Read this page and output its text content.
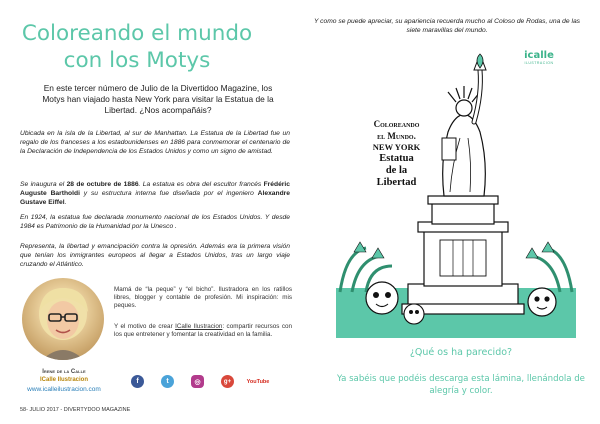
Coloreando el mundo
con los Motys
En este tercer número de Julio de la Divertidoo Magazine, los Motys han viajado hasta New York para visitar la Estatua de la Libertad. ¿Nos acompañáis?

Ubicada en la isla de la Libertad, al sur de Manhattan. La Estatua de la Libertad fue un regalo de los franceses a los estadounidenses en 1886 para conmemorar el centenario de la Declaración de Independencia de los Estados Unidos y como un signo de amistad.

Se inaugura el 28 de octubre de 1886. La estatua es obra del escultor francés Frédéric Auguste Bartholdi y su estructura interna fue diseñada por el ingeniero Alexandre Gustave Eiffel.

En 1924, la estatua fue declarada monumento nacional de los Estados Unidos. Y desde 1984 es Patrimonio de la Humanidad por la Unesco .

Representa, la libertad y emancipación contra la opresión. Además era la primera visión que tenían los inmigrantes europeos al llegar a Estados Unidos, tras un largo viaje cruzando el Atlántico.

Irene de la Calle
ICalle Ilustracion
www.icalleilustracion.com

Mamá de “la peque” y “el bicho”. Ilustradora en los ratillos libres, blogger y contable de profesión. Mi inspiración: mis peques.

Y el motivo de crear ICalle Ilustracion: compartir recursos con los que entretener y fomentar la creatividad en la familia.

f	t	◎	g+	YouTube
58- JULIO 2017 - DIVERTYDOO MAGAZINE
Y como se puede apreciar, su apariencia recuerda mucho al Coloso de Rodas, una de las siete maravillas del mundo.
icalle
ILUSTRACION
Coloreando
el Mundo.
NEW YORK
Estatua
de la
Libertad
¿Qué os ha parecido?
Ya sabéis que podéis descarga esta lámina, llenándola de alegría y color.
